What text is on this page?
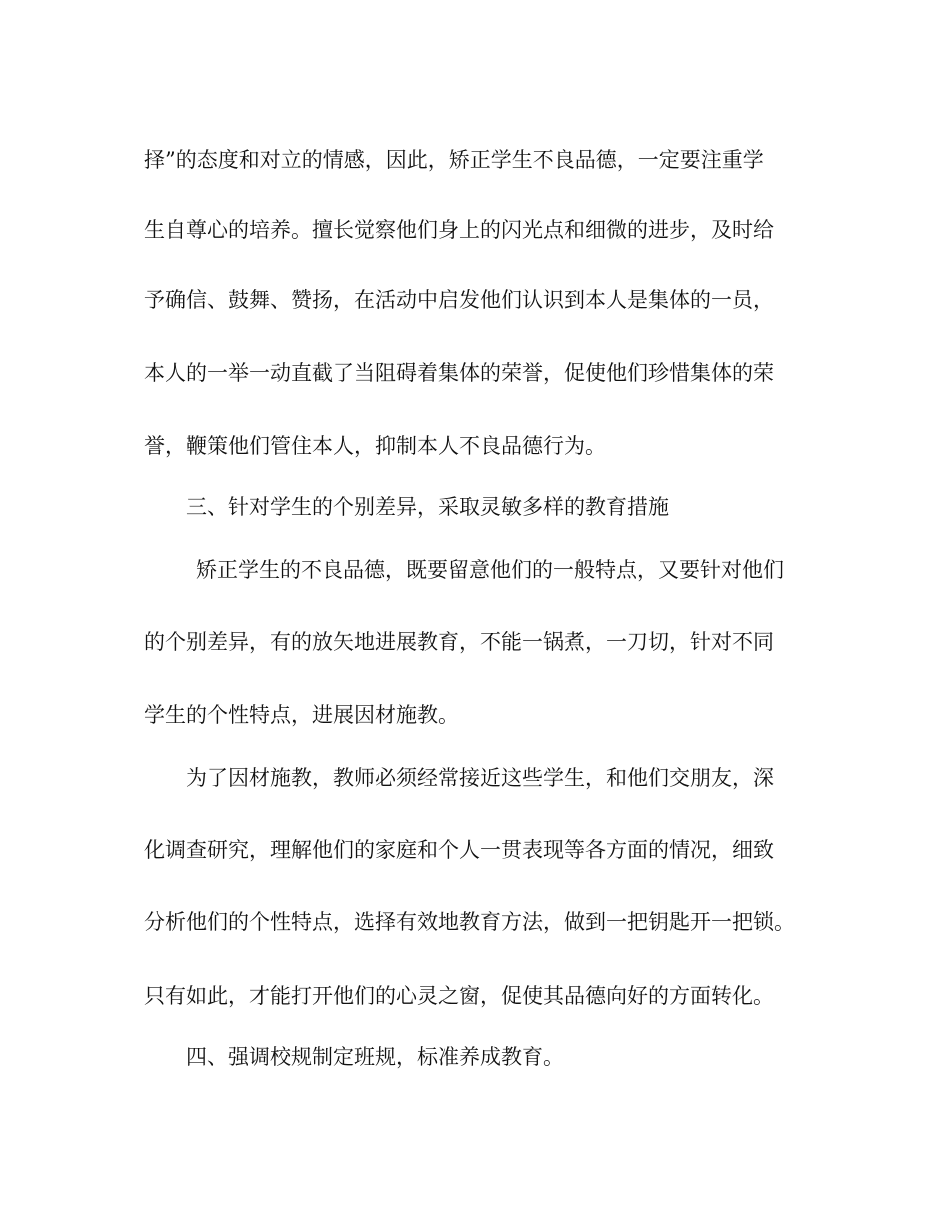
择”的态度和对立的情感，因此，矫正学生不良品德，一定要注重学
生自尊心的培养。擅长觉察他们身上的闪光点和细微的进步，及时给
予确信、鼓舞、赞扬，在活动中启发他们认识到本人是集体的一员，
本人的一举一动直截了当阻碍着集体的荣誉，促使他们珍惜集体的荣
誉，鞭策他们管住本人，抑制本人不良品德行为。
三、针对学生的个别差异，采取灵敏多样的教育措施
矫正学生的不良品德，既要留意他们的一般特点，又要针对他们
的个别差异，有的放矢地进展教育，不能一锅煮，一刀切，针对不同
学生的个性特点，进展因材施教。
为了因材施教，教师必须经常接近这些学生，和他们交朋友，深
化调查研究，理解他们的家庭和个人一贯表现等各方面的情况，细致
分析他们的个性特点，选择有效地教育方法，做到一把钥匙开一把锁。
只有如此，才能打开他们的心灵之窗，促使其品德向好的方面转化。
四、强调校规制定班规，标准养成教育。
